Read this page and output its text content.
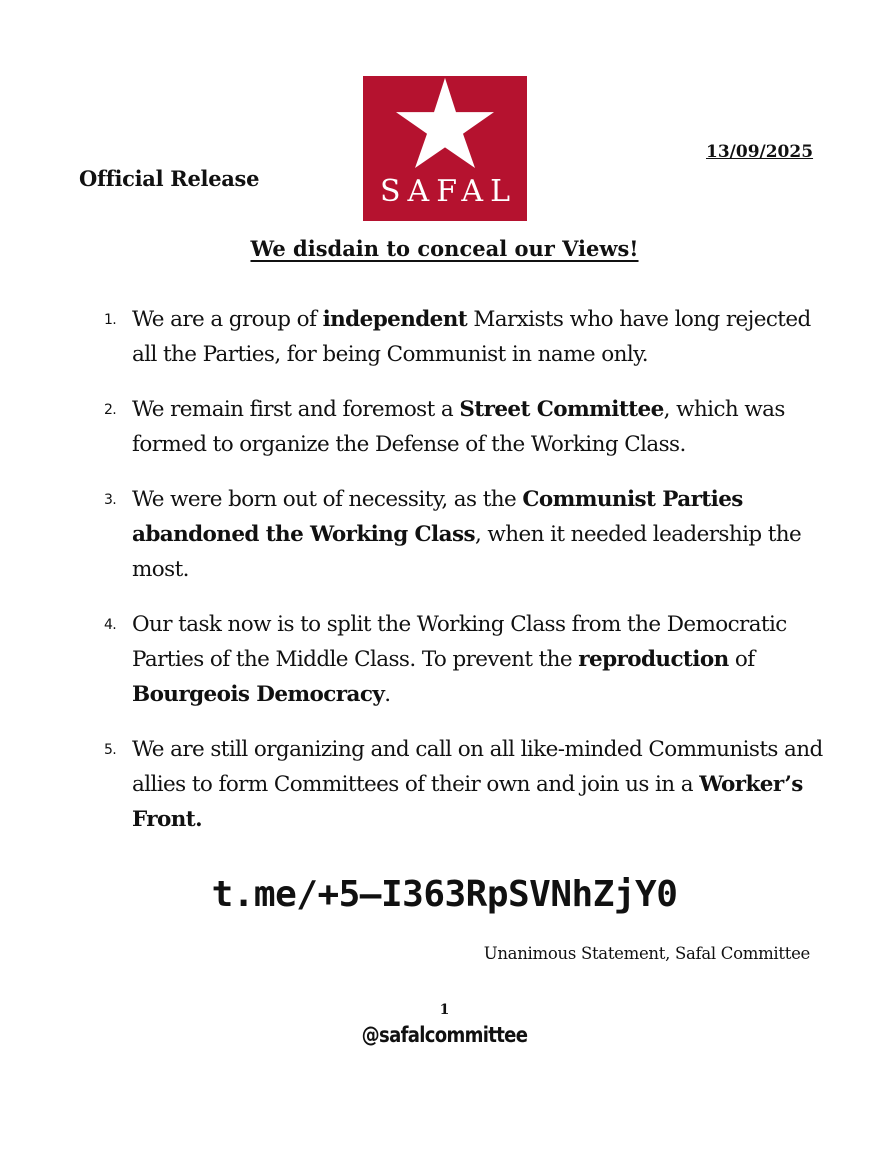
Official Release	SAFAL
13/09/2025
We disdain to conceal our Views!
1. We are a group of independent Marxists who have long rejected all the Parties, for being Communist in name only.
2. We remain first and foremost a Street Committee, which was formed to organize the Defense of the Working Class.
3. We were born out of necessity, as the Communist Parties abandoned the Working Class, when it needed leadership the most.
4. Our task now is to split the Working Class from the Democratic Parties of the Middle Class. To prevent the reproduction of Bourgeois Democracy.
5. We are still organizing and call on all like-minded Communists and allies to form Committees of their own and join us in a Worker’s Front.
t.me/+5–I363RpSVNhZjY0
Unanimous Statement, Safal Committee
1
@safalcommittee
